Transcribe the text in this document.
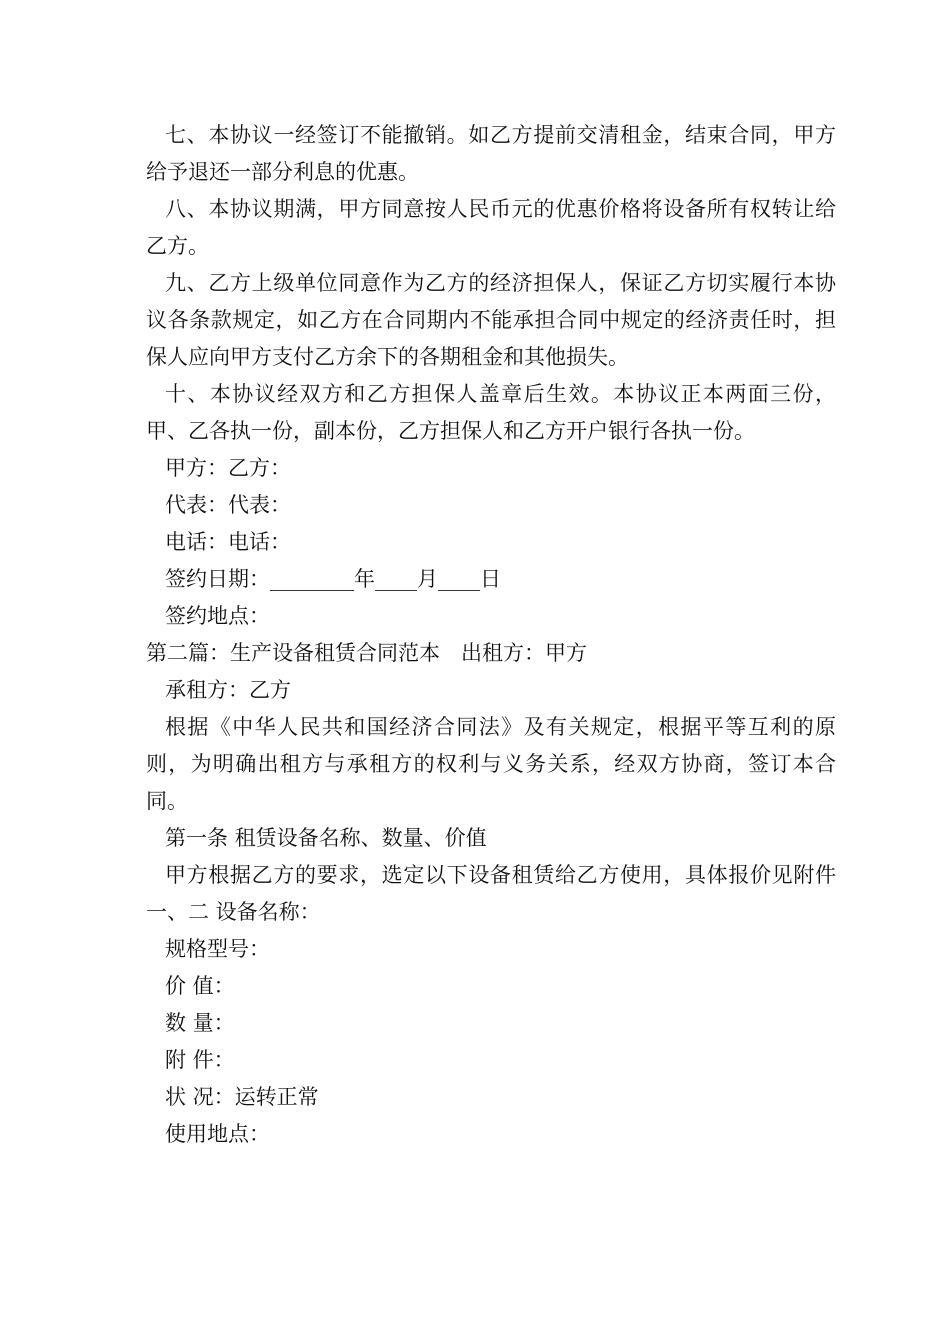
七、本协议一经签订不能撤销。如乙方提前交清租金，结束合同，甲方给予退还一部分利息的优惠。

八、本协议期满，甲方同意按人民币元的优惠价格将设备所有权转让给乙方。

九、乙方上级单位同意作为乙方的经济担保人，保证乙方切实履行本协议各条款规定，如乙方在合同期内不能承担合同中规定的经济责任时，担保人应向甲方支付乙方余下的各期租金和其他损失。

十、本协议经双方和乙方担保人盖章后生效。本协议正本两面三份，甲、乙各执一份，副本份，乙方担保人和乙方开户银行各执一份。

甲方：乙方：

代表：代表：

电话：电话：

签约日期：________年____月____日

签约地点：

第二篇：生产设备租赁合同范本　出租方：甲方

承租方：乙方

根据《中华人民共和国经济合同法》及有关规定，根据平等互利的原则，为明确出租方与承租方的权利与义务关系，经双方协商，签订本合同。

第一条 租赁设备名称、数量、价值

甲方根据乙方的要求，选定以下设备租赁给乙方使用，具体报价见附件一、二 设备名称：

规格型号：

价 值：

数 量：

附 件：

状 况：运转正常

使用地点：
